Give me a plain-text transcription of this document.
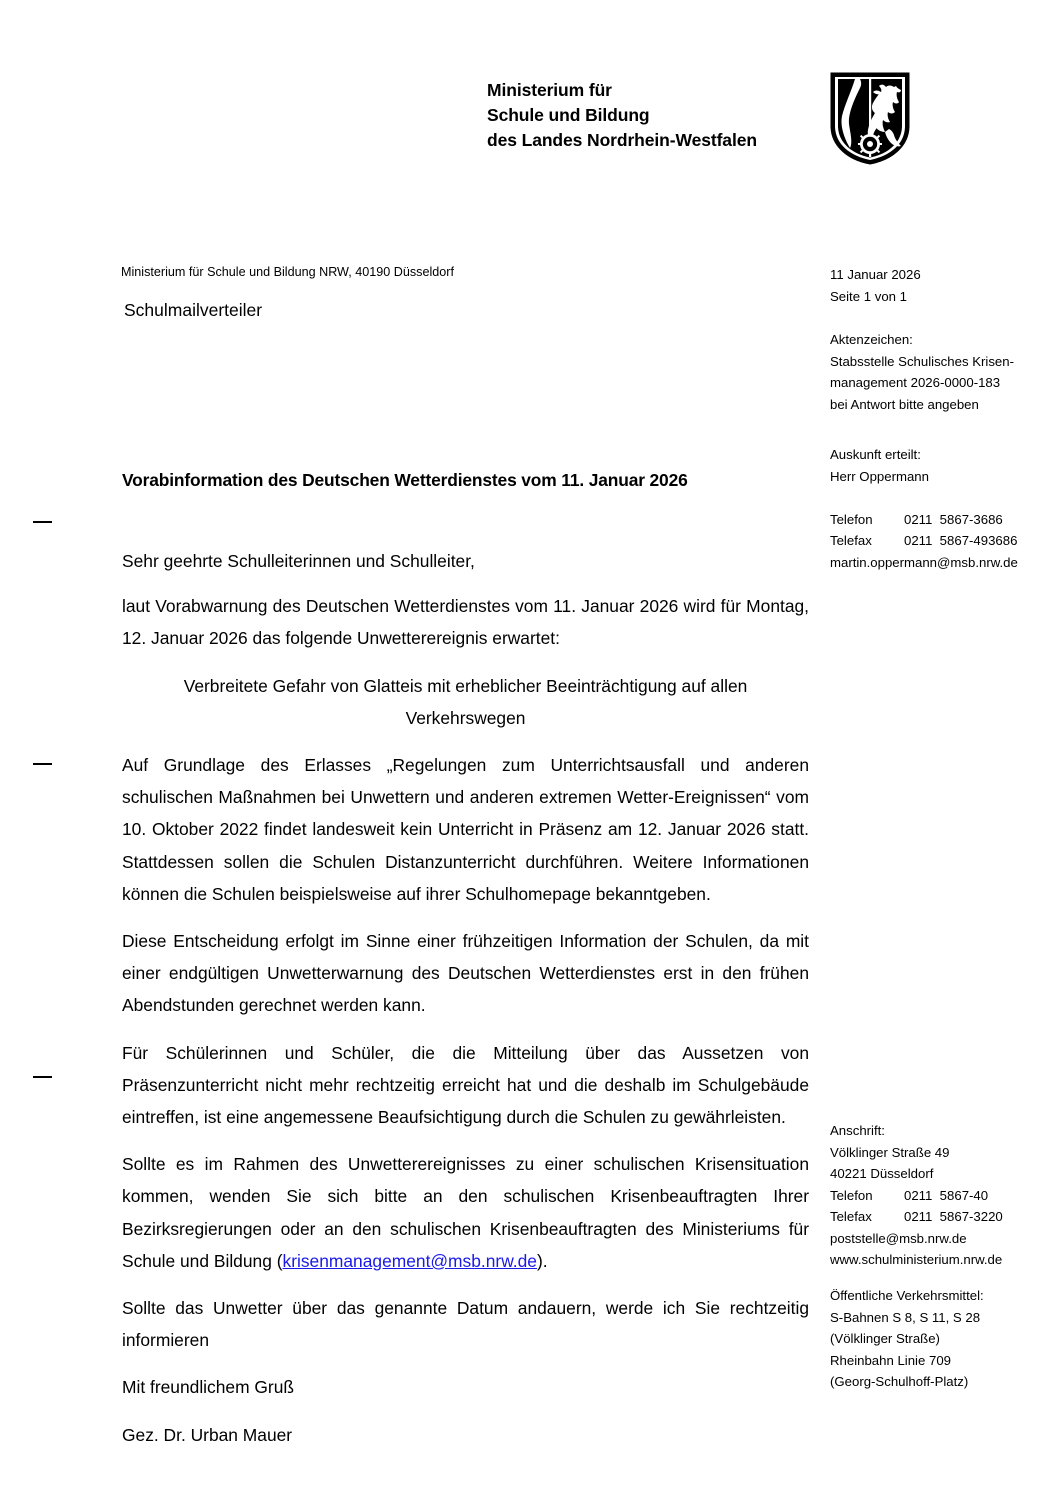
Ministerium für
Schule und Bildung
des Landes Nordrhein-Westfalen
Ministerium für Schule und Bildung NRW, 40190 Düsseldorf
Schulmailverteiler
11 Januar 2026
Seite 1 von 1
Aktenzeichen:
Stabsstelle Schulisches Krisen-
management 2026-0000-183
bei Antwort bitte angeben
Auskunft erteilt:
Herr Oppermann
Telefon	0211  5867-3686
Telefax	0211  5867-493686
martin.oppermann@msb.nrw.de
Anschrift:
Völklinger Straße 49
40221 Düsseldorf
Telefon	0211  5867-40
Telefax	0211  5867-3220
poststelle@msb.nrw.de
www.schulministerium.nrw.de
Öffentliche Verkehrsmittel:
S-Bahnen S 8, S 11, S 28
(Völklinger Straße)
Rheinbahn Linie 709
(Georg-Schulhoff-Platz)
Vorabinformation des Deutschen Wetterdienstes vom 11. Januar 2026

Sehr geehrte Schulleiterinnen und Schulleiter,

laut Vorabwarnung des Deutschen Wetterdienstes vom 11. Januar 2026 wird für Montag, 12. Januar 2026 das folgende Unwetterereignis erwartet:

Verbreitete Gefahr von Glatteis mit erheblicher Beeinträchtigung auf allen Verkehrswegen

Auf Grundlage des Erlasses „Regelungen zum Unterrichtsausfall und anderen schulischen Maßnahmen bei Unwettern und anderen extremen Wetter-Ereignissen“ vom 10. Oktober 2022 findet landesweit kein Unterricht in Präsenz am 12. Januar 2026 statt. Stattdessen sollen die Schulen Distanzunterricht durchführen. Weitere Informationen können die Schulen beispielsweise auf ihrer Schulhomepage bekanntgeben.

Diese Entscheidung erfolgt im Sinne einer frühzeitigen Information der Schulen, da mit einer endgültigen Unwetterwarnung des Deutschen Wetterdienstes erst in den frühen Abendstunden gerechnet werden kann.

Für Schülerinnen und Schüler, die die Mitteilung über das Aussetzen von Präsenzunterricht nicht mehr rechtzeitig erreicht hat und die deshalb im Schulgebäude eintreffen, ist eine angemessene Beaufsichtigung durch die Schulen zu gewährleisten.

Sollte es im Rahmen des Unwetterereignisses zu einer schulischen Krisensituation kommen, wenden Sie sich bitte an den schulischen Krisenbeauftragten Ihrer Bezirksregierungen oder an den schulischen Krisenbeauftragten des Ministeriums für Schule und Bildung (krisenmanagement@msb.nrw.de).

Sollte das Unwetter über das genannte Datum andauern, werde ich Sie rechtzeitig informieren

Mit freundlichem Gruß

Gez. Dr. Urban Mauer
